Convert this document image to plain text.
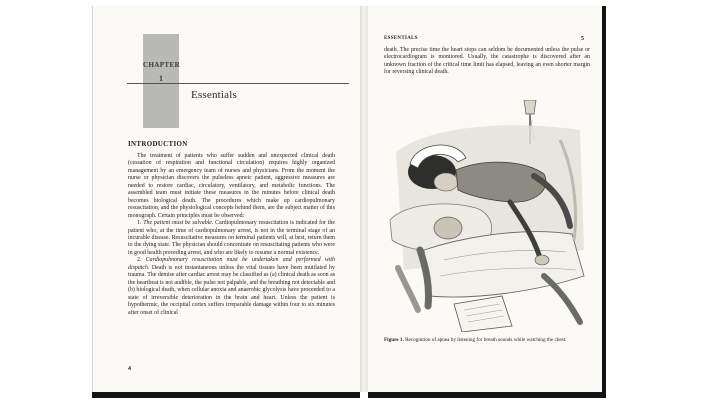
CHAPTER
1
Essentials
INTRODUCTION

The treatment of patients who suffer sudden and unexpected clinical death (cessation of respiration and functional circulation) requires highly organized management by an emergency team of nurses and physicians. From the moment the nurse or physician discovers the pulseless apneic patient, aggressive measures are needed to restore cardiac, circulatory, ventilatory, and metabolic functions. The assembled team must initiate these measures in the minutes before clinical death becomes biological death. The procedures which make up cardiopulmonary resuscitation, and the physiological concepts behind them, are the subject matter of this monograph. Certain principles must be observed:

1. The patient must be salvable. Cardiopulmonary resuscitation is indicated for the patient who, at the time of cardiopulmonary arrest, is not in the terminal stage of an incurable disease. Resuscitative measures on terminal patients will, at best, return them to the dying state. The physician should concentrate on resuscitating patients who were in good health preceding arrest, and who are likely to resume a normal existence.

2. Cardiopulmonary resuscitation must be undertaken and performed with dispatch. Death is not instantaneous unless the vital tissues have been mutilated by trauma. The demise after cardiac arrest may be classified as (a) clinical death as soon as the heartbeat is not audible, the pulse not palpable, and the breathing not detectable and (b) biological death, when cellular anoxia and anaerobic glycolysis have proceeded to a state of irreversible deterioration in the brain and heart. Unless the patient is hypothermic, the occipital cortex suffers irreparable damage within four to six minutes after onset of clinical

4
ESSENTIALS	5

death. The precise time the heart stops can seldom be documented unless the pulse or electrocardiogram is monitored. Usually, the catastrophe is discovered after an unknown fraction of the critical time limit has elapsed, leaving an even shorter margin for reversing clinical death.

Figure 1. Recognition of apnea by listening for breath sounds while watching the chest.
